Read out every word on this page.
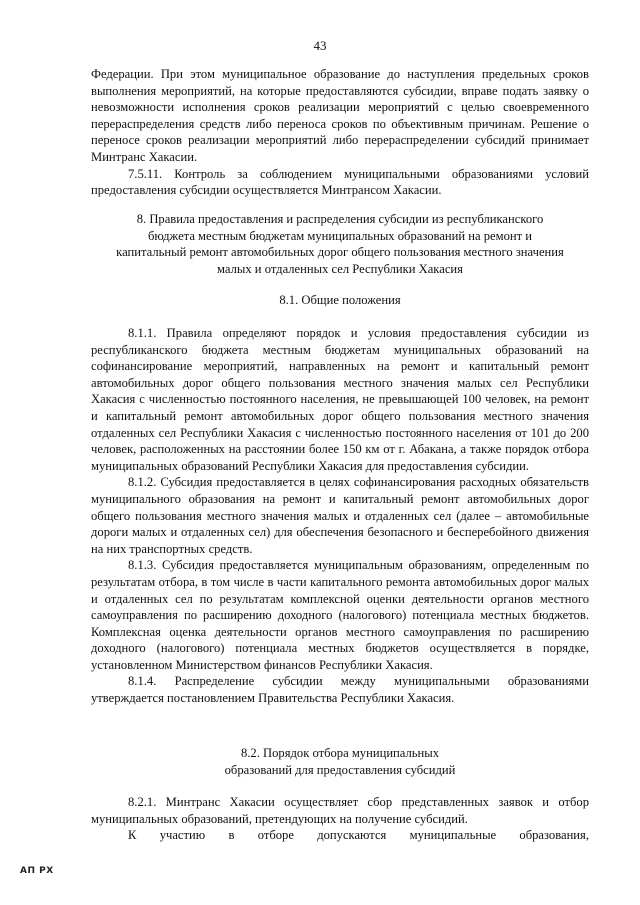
43

Федерации. При этом муниципальное образование до наступления предельных сроков выполнения мероприятий, на которые предоставляются субсидии, вправе подать заявку о невозможности исполнения сроков реализации мероприятий с целью своевременного перераспределения средств либо переноса сроков по объективным причинам. Решение о переносе сроков реализации мероприятий либо перераспределении субсидий принимает Минтранс Хакасии.

7.5.11. Контроль за соблюдением муниципальными образованиями условий предоставления субсидии осуществляется Минтрансом Хакасии.

8. Правила предоставления и распределения субсидии из республиканского
бюджета местным бюджетам муниципальных образований на ремонт и
капитальный ремонт автомобильных дорог общего пользования местного значения
малых и отдаленных сел Республики Хакасия
8.1. Общие положения

8.1.1. Правила определяют порядок и условия предоставления субсидии из республиканского бюджета местным бюджетам муниципальных образований на софинансирование мероприятий, направленных на ремонт и капитальный ремонт автомобильных дорог общего пользования местного значения малых сел Республики Хакасия с численностью постоянного населения, не превышающей 100 человек, на ремонт и капитальный ремонт автомобильных дорог общего пользования местного значения отдаленных сел Республики Хакасия с численностью постоянного населения от 101 до 200 человек, расположенных на расстоянии более 150 км от г. Абакана, а также порядок отбора муниципальных образований Республики Хакасия для предоставления субсидии.

8.1.2. Субсидия предоставляется в целях софинансирования расходных обязательств муниципального образования на ремонт и капитальный ремонт автомобильных дорог общего пользования местного значения малых и отдаленных сел (далее – автомобильные дороги малых и отдаленных сел) для обеспечения безопасного и бесперебойного движения на них транспортных средств.

8.1.3. Субсидия предоставляется муниципальным образованиям, определенным по результатам отбора, в том числе в части капитального ремонта автомобильных дорог малых и отдаленных сел по результатам комплексной оценки деятельности органов местного самоуправления по расширению доходного (налогового) потенциала местных бюджетов. Комплексная оценка деятельности органов местного самоуправления по расширению доходного (налогового) потенциала местных бюджетов осуществляется в порядке, установленном Министерством финансов Республики Хакасия.

8.1.4. Распределение субсидии между муниципальными образованиями утверждается постановлением Правительства Республики Хакасия.

8.2. Порядок отбора муниципальных
образований для предоставления субсидий

8.2.1. Минтранс Хакасии осуществляет сбор представленных заявок и отбор муниципальных образований, претендующих на получение субсидий.

К участию в отборе допускаются муниципальные образования,

АП РХ
